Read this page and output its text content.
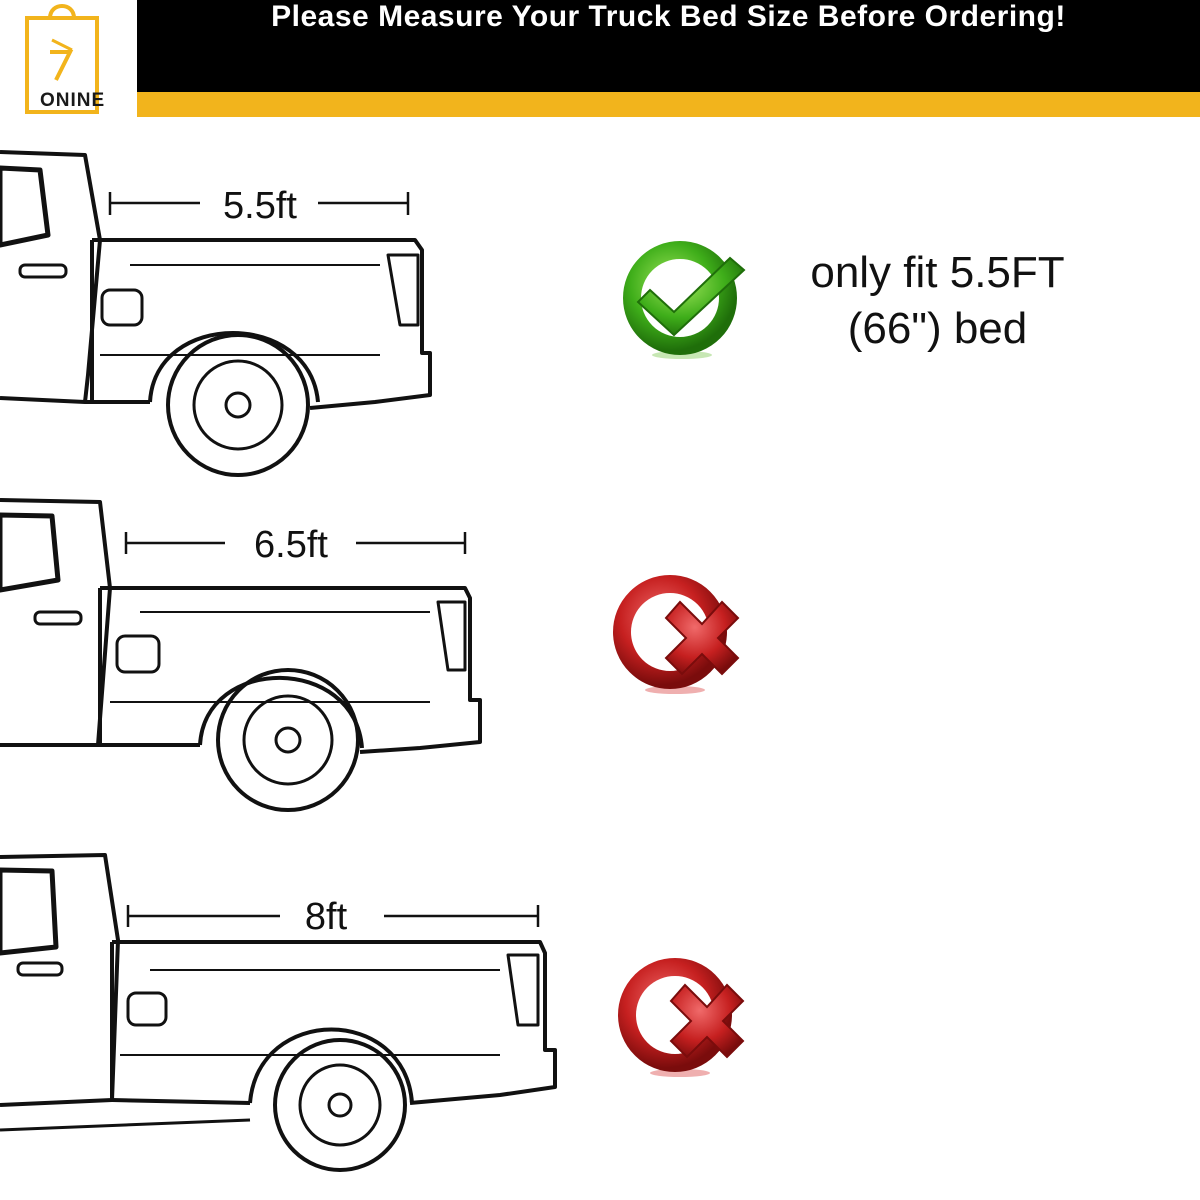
ONINE
Please Measure Your Truck Bed Size Before Ordering!
5.5ft
6.5ft
8ft
only fit 5.5FT
(66") bed
